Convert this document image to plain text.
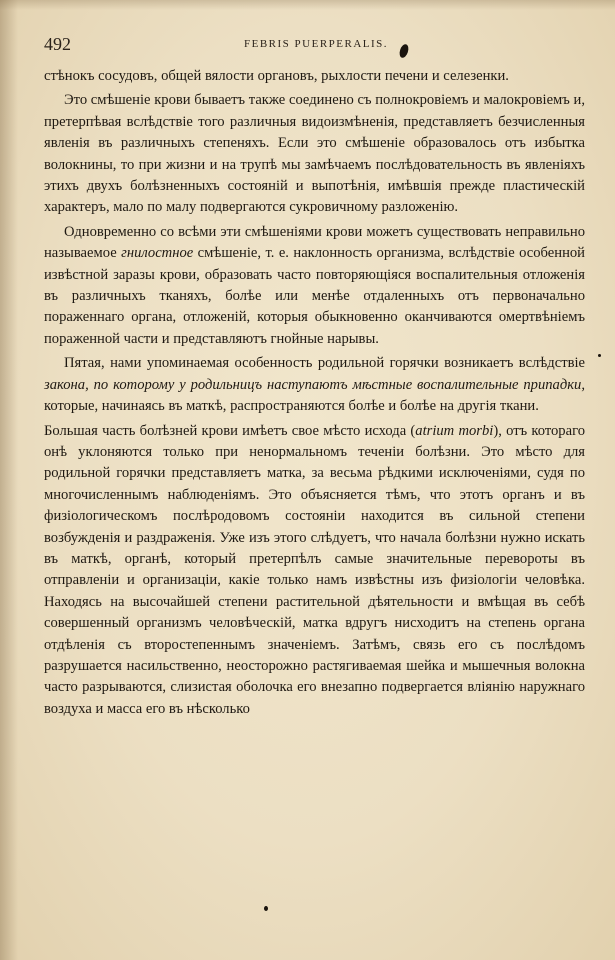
492	FEBRIS PUERPERALIS.

стѣнокъ сосудовъ, общей вялости органовъ, рыхлости печени и селезенки.

Это смѣшеніе крови бываетъ также соединено съ полнокровіемъ и малокровіемъ и, претерпѣвая вслѣдствіе того различныя видоизмѣненія, представляетъ безчисленныя явленія въ различныхъ степеняхъ. Если это смѣшеніе образовалось отъ избытка волокнины, то при жизни и на трупѣ мы замѣчаемъ послѣдовательность въ явленіяхъ этихъ двухъ болѣзненныхъ состояній и выпотѣнія, имѣвшія прежде пластическій характеръ, мало по малу подвергаются сукровичному разложенію.

Одновременно со всѣми эти смѣшеніями крови можетъ существовать неправильно называемое гнилостное смѣшеніе, т. е. наклонность организма, вслѣдствіе особенной извѣстной заразы крови, образовать часто повторяющіяся воспалительныя отложенія въ различныхъ тканяхъ, болѣе или менѣе отдаленныхъ отъ первоначально пораженнаго органа, отложеній, которыя обыкновенно оканчиваются омертвѣніемъ пораженной части и представляютъ гнойные нарывы.

Пятая, нами упоминаемая особенность родильной горячки возникаетъ вслѣдствіе закона, по которому у родильницъ наступаютъ мѣстные воспалительные припадки, которые, начинаясь въ маткѣ, распространяются болѣе и болѣе на другія ткани.

Большая часть болѣзней крови имѣетъ свое мѣсто исхода (atrium morbi), отъ котораго онѣ уклоняются только при ненормальномъ теченіи болѣзни. Это мѣсто для родильной горячки представляетъ матка, за весьма рѣдкими исключеніями, судя по многочисленнымъ наблюденіямъ. Это объясняется тѣмъ, что этотъ органъ и въ физіологическомъ послѣродовомъ состояніи находится въ сильной степени возбужденія и раздраженія. Уже изъ этого слѣдуетъ, что начала болѣзни нужно искать въ маткѣ, органѣ, который претерпѣлъ самые значительные перевороты въ отправленіи и организаціи, какіе только намъ извѣстны изъ физіологіи человѣка. Находясь на высочайшей степени растительной дѣятельности и вмѣщая въ себѣ совершенный организмъ человѣческій, матка вдругъ нисходитъ на степень органа отдѣленія съ второстепеннымъ значеніемъ. Затѣмъ, связь его съ послѣдомъ разрушается насильственно, неосторожно растягиваемая шейка и мышечныя волокна часто разрываются, слизистая оболочка его внезапно подвергается вліянію наружнаго воздуха и масса его въ нѣсколько
